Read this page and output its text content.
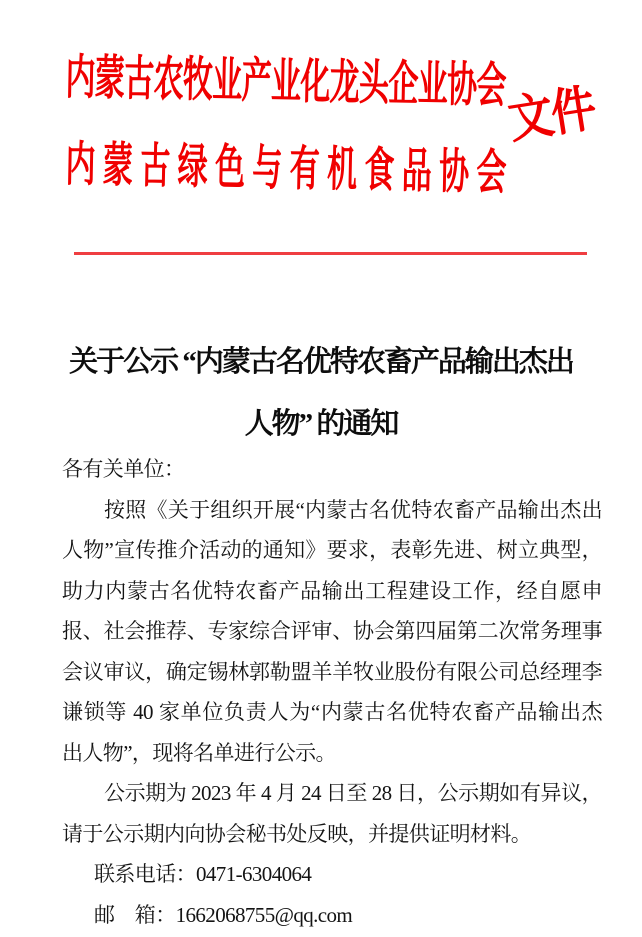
内蒙古农牧业产业化龙头企业协会
文件
内蒙古绿色与有机食品协会
关于公示 “内蒙古名优特农畜产品输出杰出
人物” 的通知
各有关单位：
按照《关于组织开展“内蒙古名优特农畜产品输出杰出
人物”宣传推介活动的通知》要求，表彰先进、树立典型，
助力内蒙古名优特农畜产品输出工程建设工作，经自愿申
报、社会推荐、专家综合评审、协会第四届第二次常务理事
会议审议，确定锡林郭勒盟羊羊牧业股份有限公司总经理李
谦锁等 40 家单位负责人为“内蒙古名优特农畜产品输出杰
出人物”，现将名单进行公示。
公示期为 2023 年 4 月 24 日至 28 日，公示期如有异议，
请于公示期内向协会秘书处反映，并提供证明材料。
联系电话：0471-6304064
邮　箱：1662068755@qq.com
